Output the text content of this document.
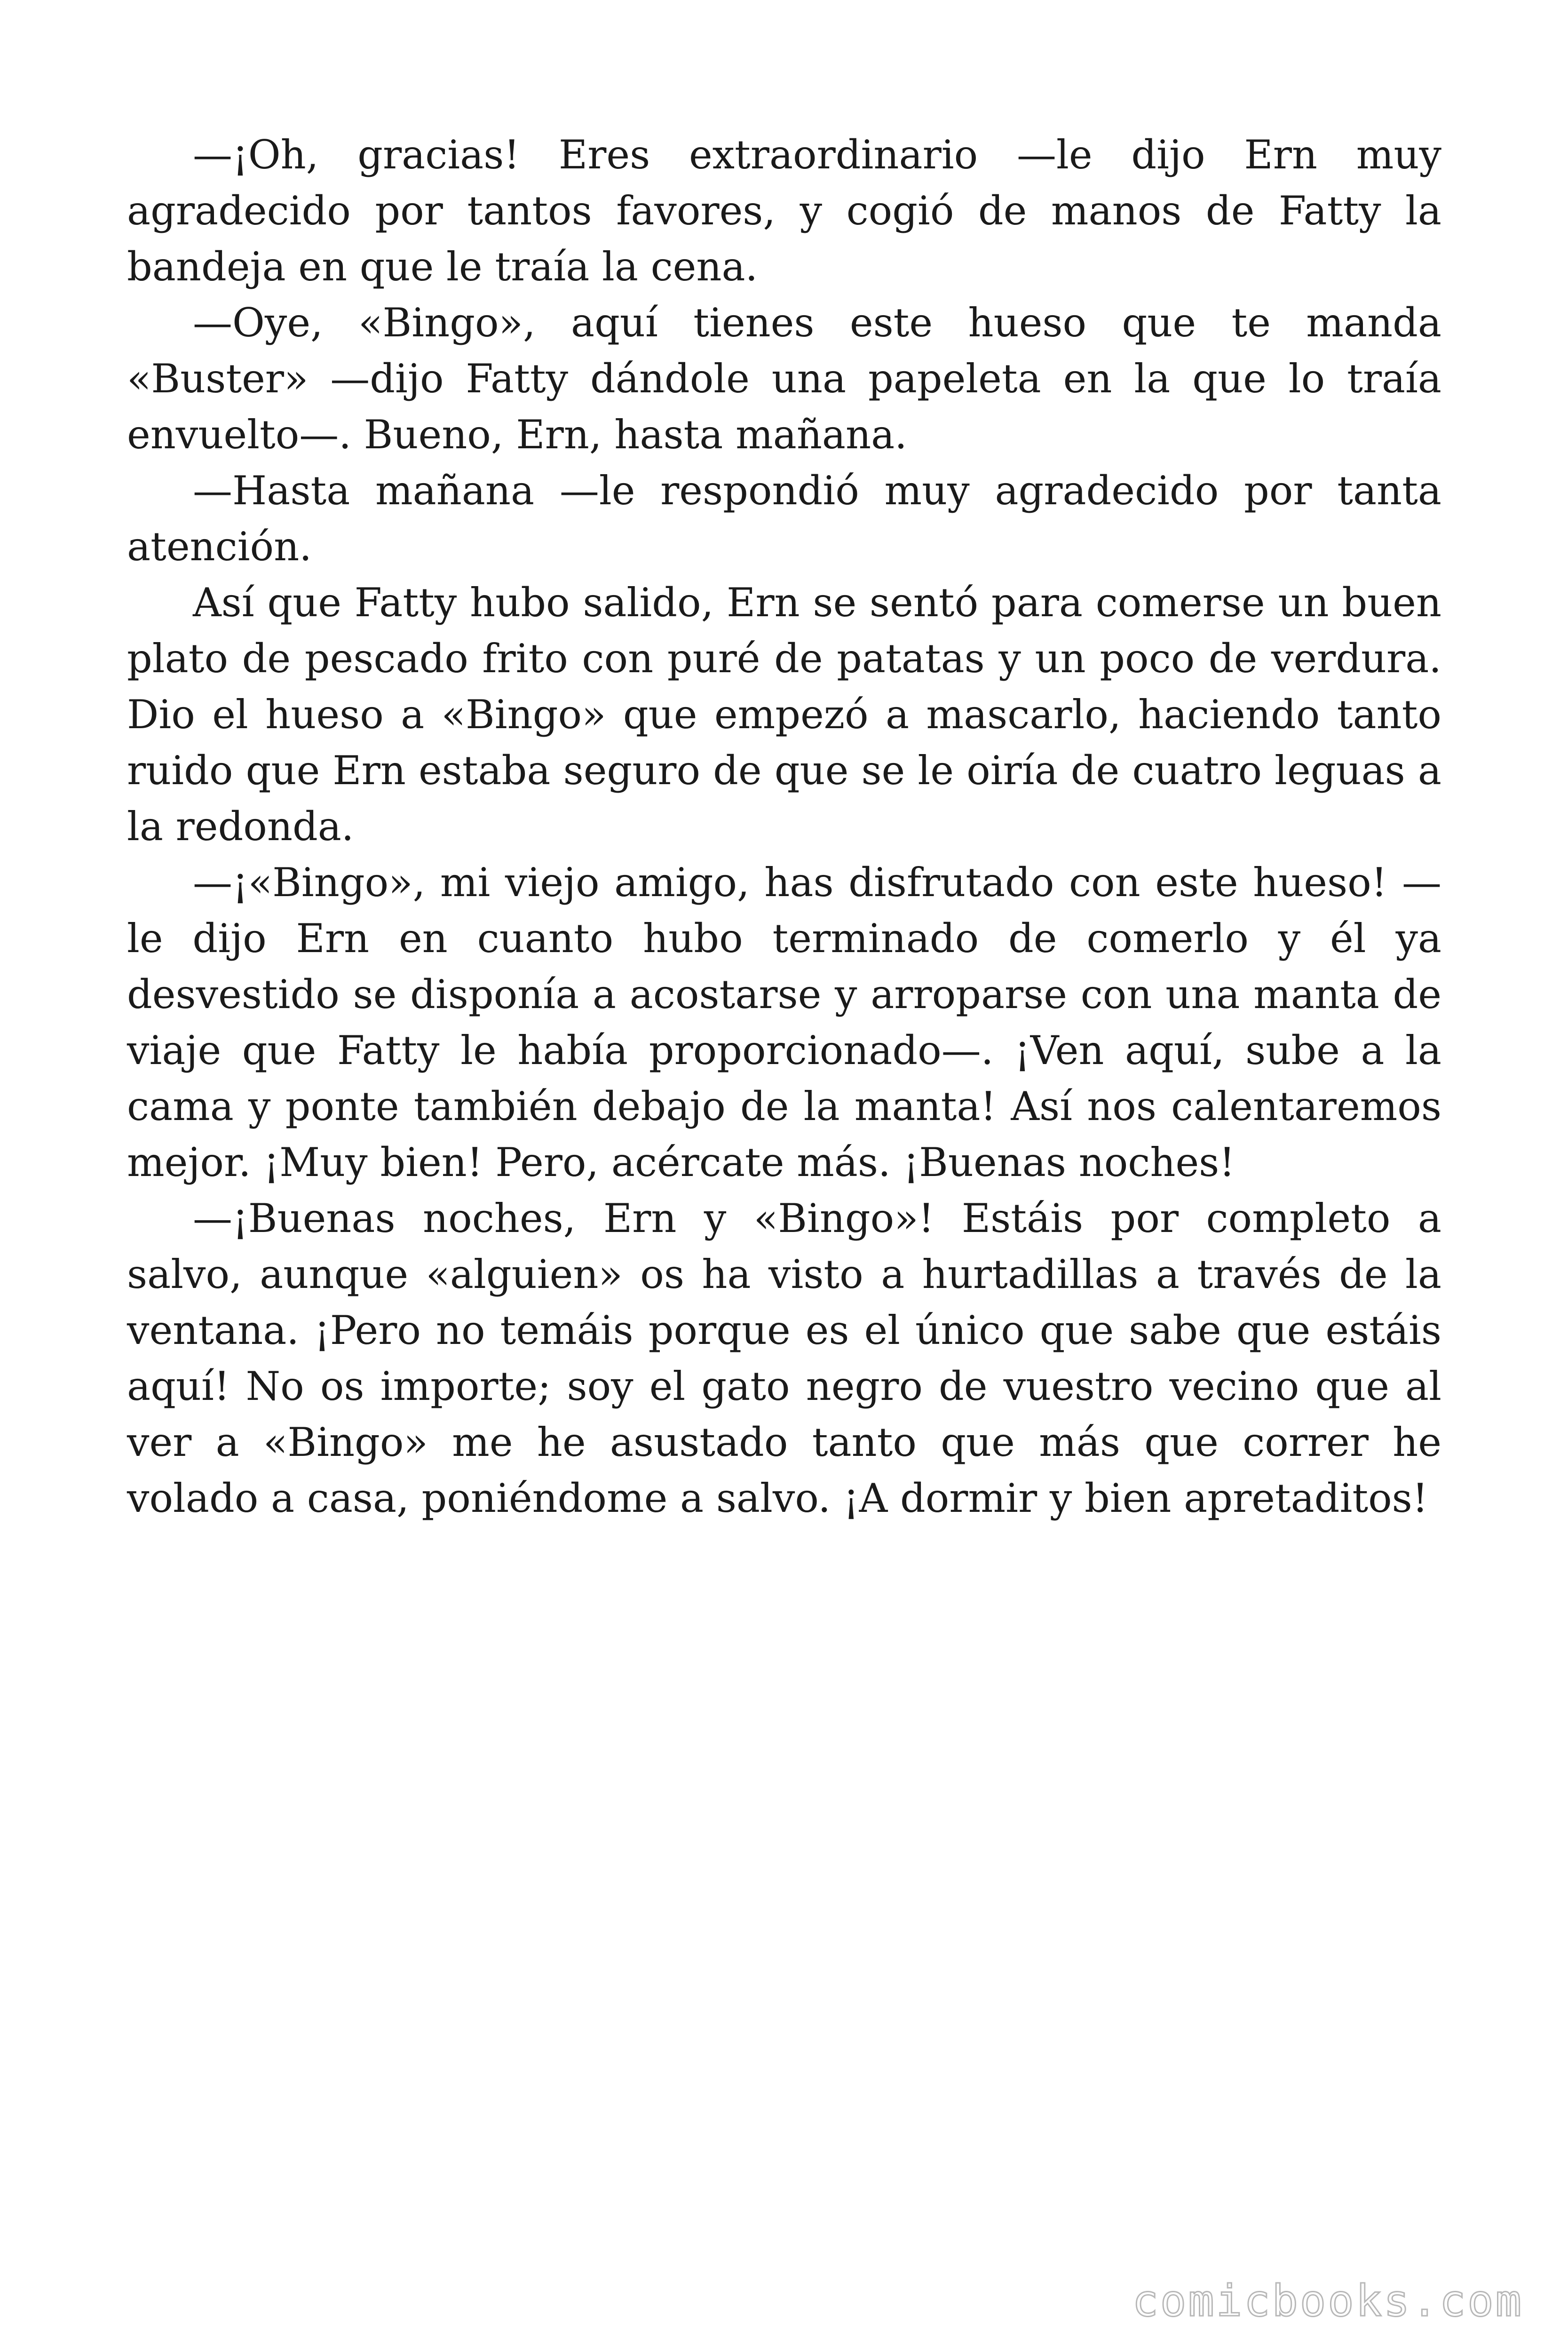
—¡Oh, gracias! Eres extraordinario —le dijo Ern muy agradecido por tantos favores, y cogió de manos de Fatty la bandeja en que le traía la cena.

—Oye, «Bingo», aquí tienes este hueso que te manda «Buster» —dijo Fatty dándole una papeleta en la que lo traía envuelto—. Bueno, Ern, hasta mañana.

—Hasta mañana —le respondió muy agradecido por tanta atención.

Así que Fatty hubo salido, Ern se sentó para comerse un buen plato de pescado frito con puré de patatas y un poco de verdura. Dio el hueso a «Bingo» que empezó a mascarlo, haciendo tanto ruido que Ern estaba seguro de que se le oiría de cuatro leguas a la redonda.

—¡«Bingo», mi viejo amigo, has disfrutado con este hueso! —le dijo Ern en cuanto hubo terminado de comerlo y él ya desvestido se disponía a acostarse y arroparse con una manta de viaje que Fatty le había proporcionado—. ¡Ven aquí, sube a la cama y ponte también debajo de la manta! Así nos calentaremos mejor. ¡Muy bien! Pero, acércate más. ¡Buenas noches!

—¡Buenas noches, Ern y «Bingo»! Estáis por completo a salvo, aunque «alguien» os ha visto a hurtadillas a través de la ventana. ¡Pero no temáis porque es el único que sabe que estáis aquí! No os importe; soy el gato negro de vuestro vecino que al ver a «Bingo» me he asustado tanto que más que correr he volado a casa, poniéndome a salvo. ¡A dormir y bien apretaditos!

comicbooks.com
